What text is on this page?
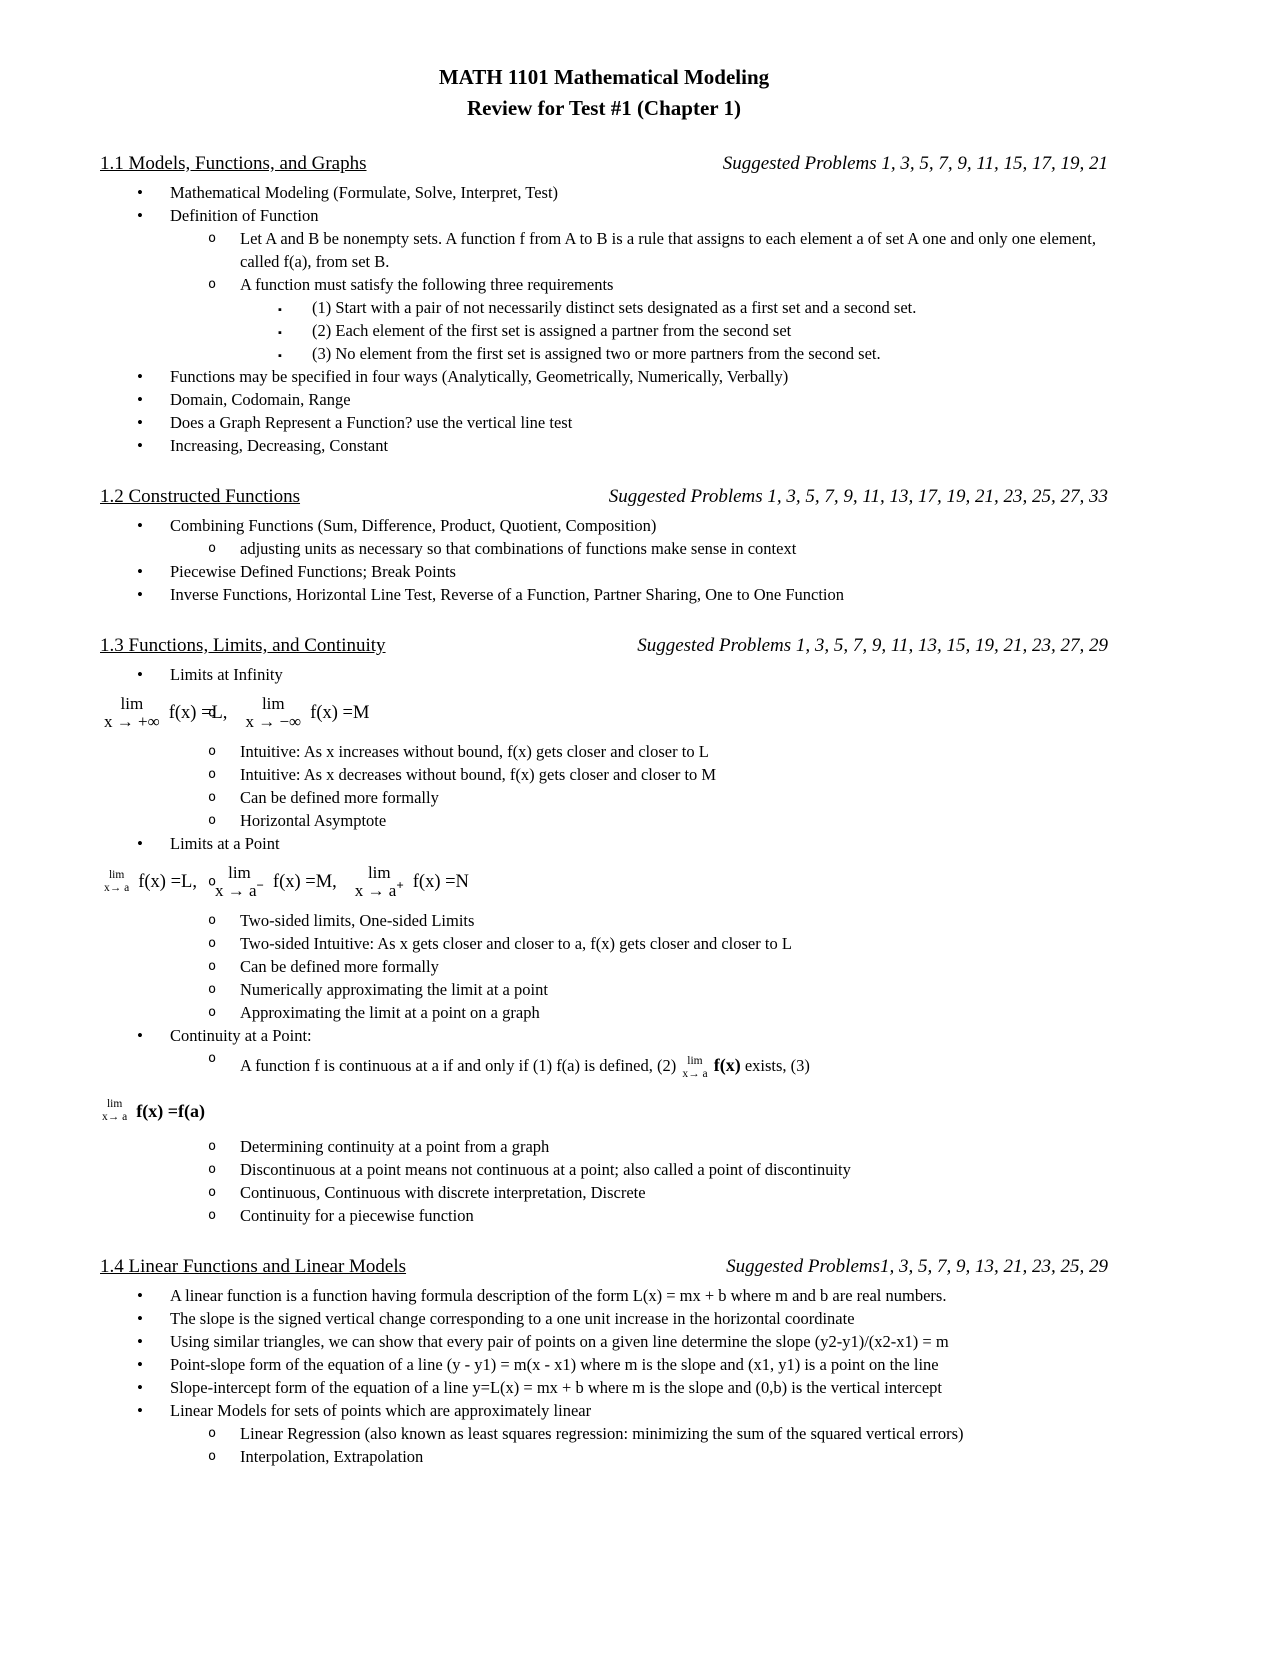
MATH 1101 Mathematical Modeling
Review for Test #1 (Chapter 1)
1.1 Models, Functions, and Graphs	Suggested Problems 1, 3, 5, 7, 9, 11, 15, 17, 19, 21
•
Mathematical Modeling (Formulate, Solve, Interpret, Test)
•
Definition of Function
o
Let A and B be nonempty sets. A function f from A to B is a rule that assigns to each element a of set A one and only one element, called f(a), from set B.
o
A function must satisfy the following three requirements
▪
(1) Start with a pair of not necessarily distinct sets designated as a first set and a second set.
▪
(2) Each element of the first set is assigned a partner from the second set
▪
(3) No element from the first set is assigned two or more partners from the second set.
•
Functions may be specified in four ways (Analytically, Geometrically, Numerically, Verbally)
•
Domain, Codomain, Range
•
Does a Graph Represent a Function? use the vertical line test
•
Increasing, Decreasing, Constant
1.2 Constructed Functions	Suggested Problems 1, 3, 5, 7, 9, 11, 13, 17, 19, 21, 23, 25, 27, 33
•
Combining Functions (Sum, Difference, Product, Quotient, Composition)
o
adjusting units as necessary so that combinations of functions make sense in context
•
Piecewise Defined Functions; Break Points
•
Inverse Functions, Horizontal Line Test, Reverse of a Function, Partner Sharing, One to One Function
1.3 Functions, Limits, and Continuity	Suggested Problems 1, 3, 5, 7, 9, 11, 13, 15, 19, 21, 23, 27, 29
•
Limits at Infinity
o
lim
x → +∞ f(x) =L, lim
x → −∞ f(x) =M
o
Intuitive: As x increases without bound, f(x) gets closer and closer to L
o
Intuitive: As x decreases without bound, f(x) gets closer and closer to M
o
Can be defined more formally
o
Horizontal Asymptote
•
Limits at a Point
o
lim
x→ a f(x) =L, lim
x → a− f(x) =M, lim
x → a+ f(x) =N
o
Two-sided limits, One-sided Limits
o
Two-sided Intuitive: As x gets closer and closer to a, f(x) gets closer and closer to L
o
Can be defined more formally
o
Numerically approximating the limit at a point
o
Approximating the limit at a point on a graph
•
Continuity at a Point:
o
A function f is continuous at a if and only if (1) f(a) is defined, (2) lim
x→ a f(x) exists, (3)
lim
x→ a f(x) =f(a)
o
Determining continuity at a point from a graph
o
Discontinuous at a point means not continuous at a point; also called a point of discontinuity
o
Continuous, Continuous with discrete interpretation, Discrete
o
Continuity for a piecewise function
1.4 Linear Functions and Linear Models	Suggested Problems1, 3, 5, 7, 9, 13, 21, 23, 25, 29
•
A linear function is a function having formula description of the form L(x) = mx + b where m and b are real numbers.
•
The slope is the signed vertical change corresponding to a one unit increase in the horizontal coordinate
•
Using similar triangles, we can show that every pair of points on a given line determine the slope (y2-y1)/(x2-x1) = m
•
Point-slope form of the equation of a line (y - y1) = m(x - x1) where m is the slope and (x1, y1) is a point on the line
•
Slope-intercept form of the equation of a line y=L(x) = mx + b where m is the slope and (0,b) is the vertical intercept
•
Linear Models for sets of points which are approximately linear
o
Linear Regression (also known as least squares regression: minimizing the sum of the squared vertical errors)
o
Interpolation, Extrapolation
